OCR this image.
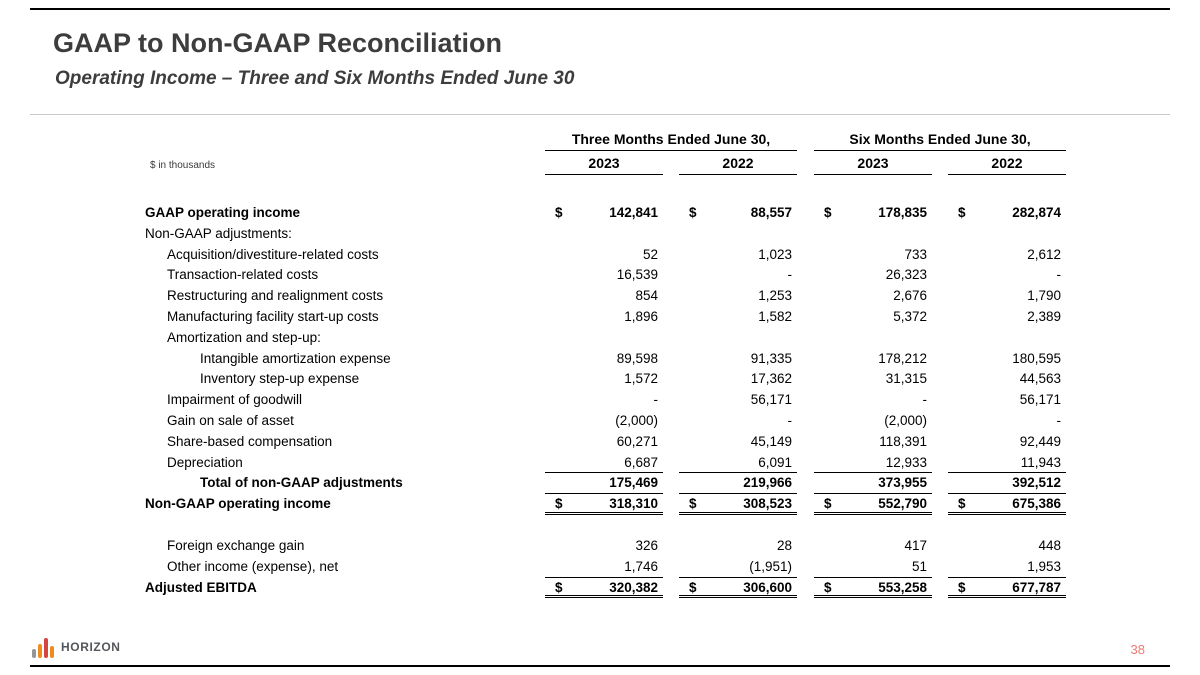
GAAP to Non-GAAP Reconciliation
Operating Income – Three and Six Months Ended June 30
Three Months Ended June 30,	Six Months Ended June 30,
$ in thousands	2023	2022	2023	2022
GAAP operating income	$	142,841 $	88,557 $	178,835 $	282,874
Non-GAAP adjustments:
Acquisition/divestiture-related costs	52	1,023	733	2,612
Transaction-related costs	16,539	-	26,323	-
Restructuring and realignment costs	854	1,253	2,676	1,790
Manufacturing facility start-up costs	1,896	1,582	5,372	2,389
Amortization and step-up:
Intangible amortization expense	89,598	91,335	178,212	180,595
Inventory step-up expense	1,572	17,362	31,315	44,563
Impairment of goodwill	-	56,171	-	56,171
Gain on sale of asset	(2,000)	-	(2,000)	-
Share-based compensation	60,271	45,149	118,391	92,449
Depreciation	6,687	6,091	12,933	11,943
Total of non-GAAP adjustments	175,469	219,966	373,955	392,512
Non-GAAP operating income	$	318,310 $	308,523 $	552,790 $	675,386
Foreign exchange gain	326	28	417	448
Other income (expense), net	1,746	(1,951)	51	1,953
Adjusted EBITDA	$	320,382 $	306,600 $	553,258 $	677,787
HORIZON	38
